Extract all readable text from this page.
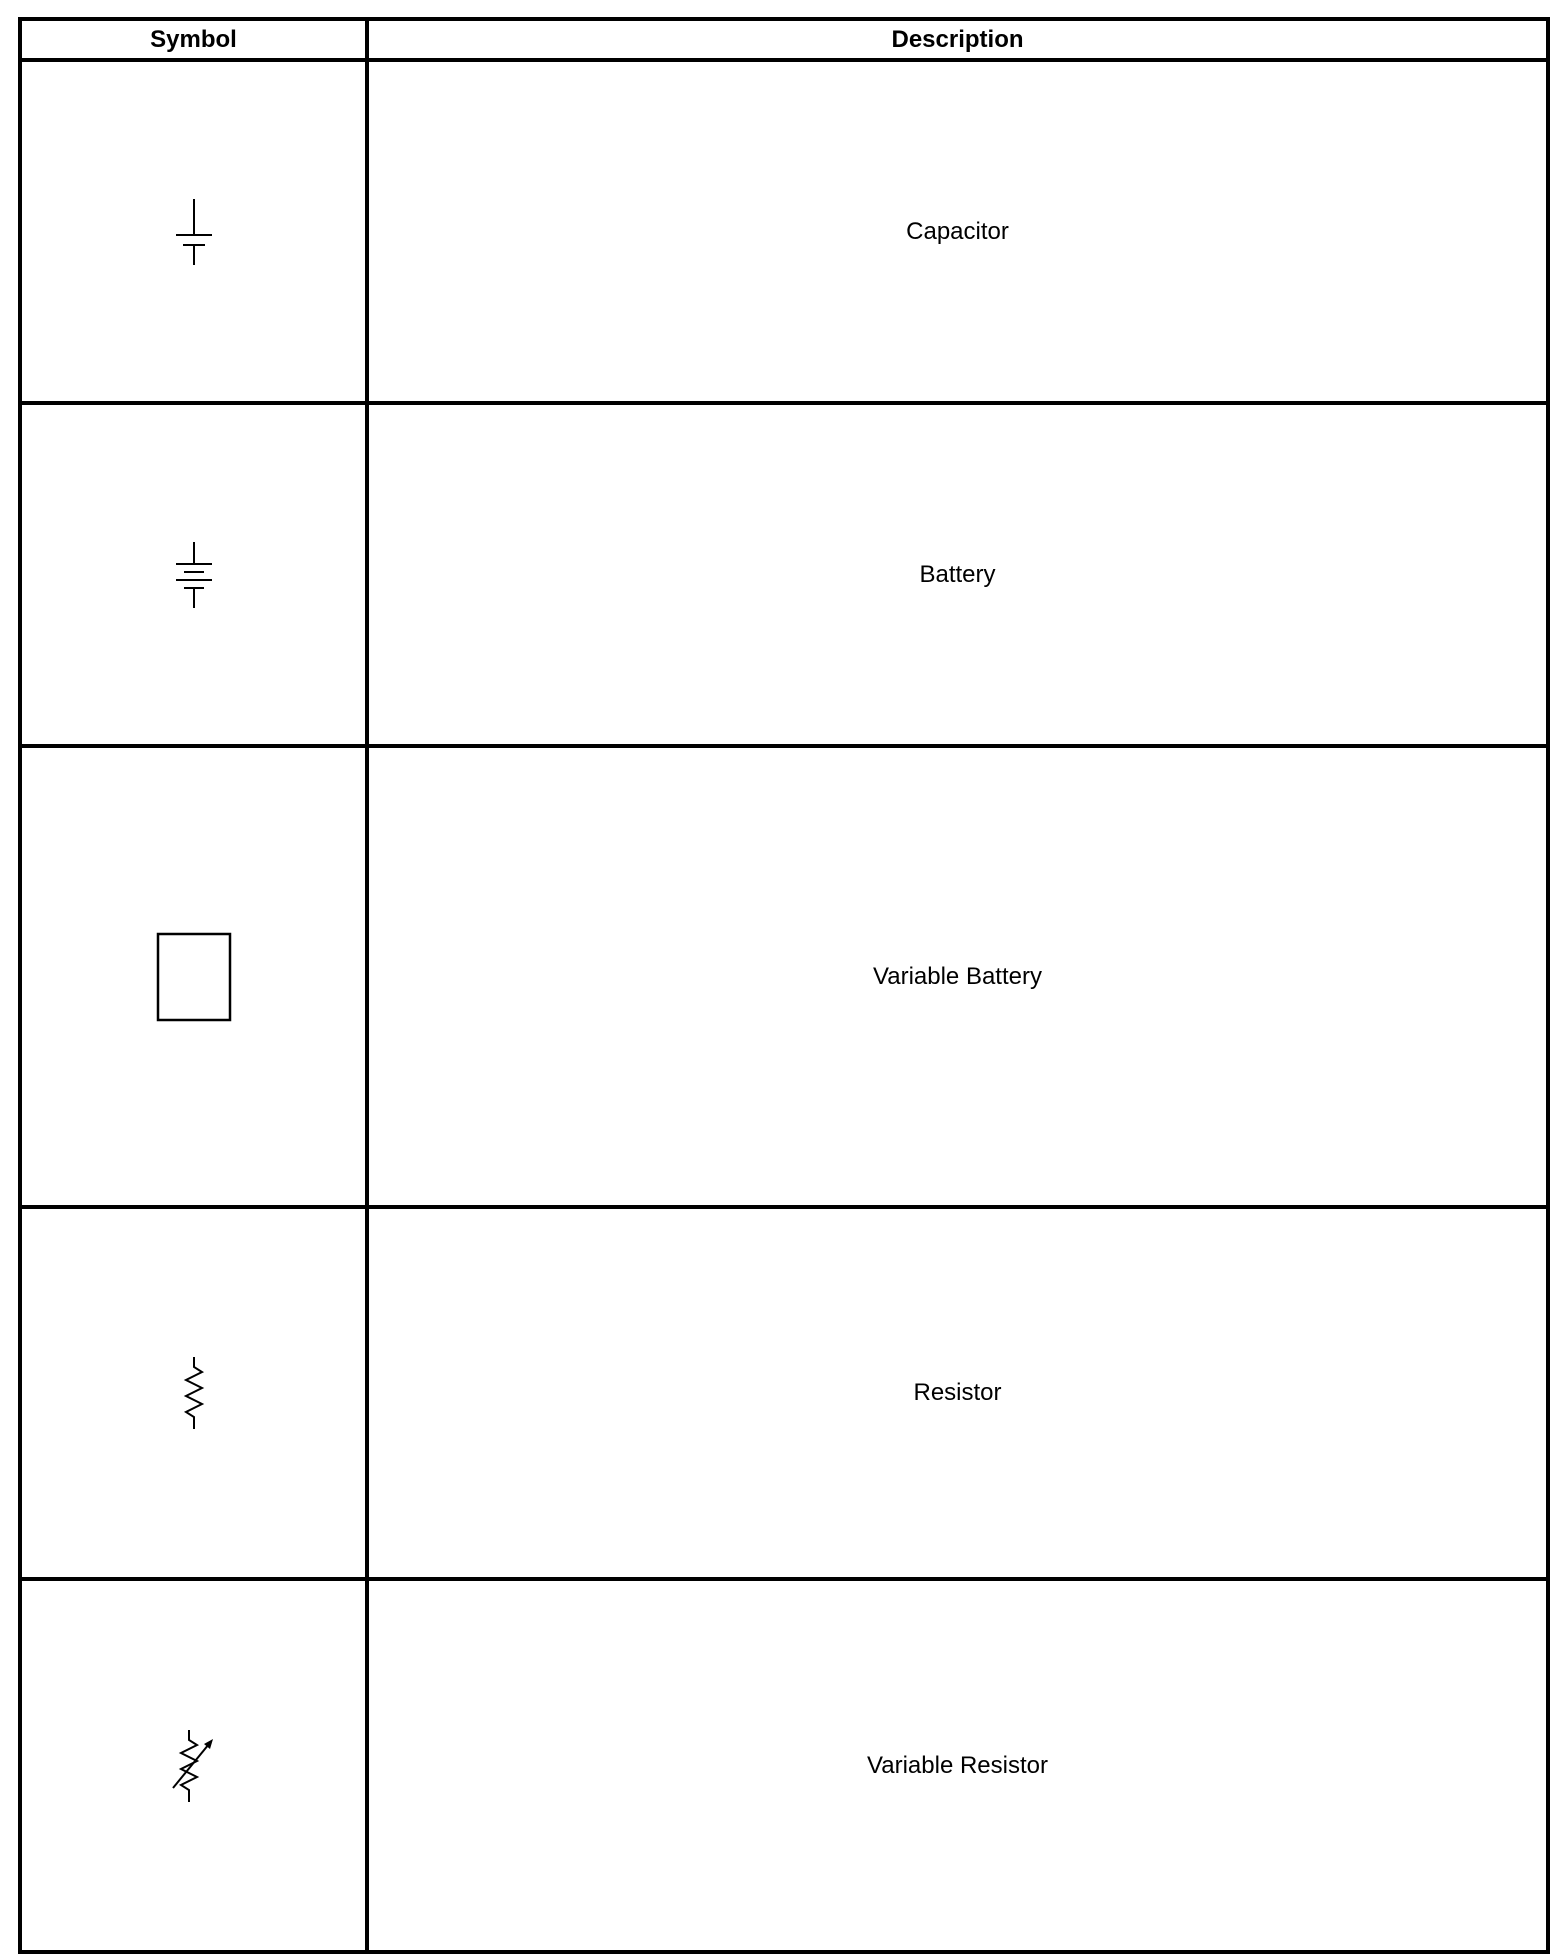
Symbol	Description

	Capacitor

	Battery

	Variable Battery

	Resistor

	Variable Resistor
